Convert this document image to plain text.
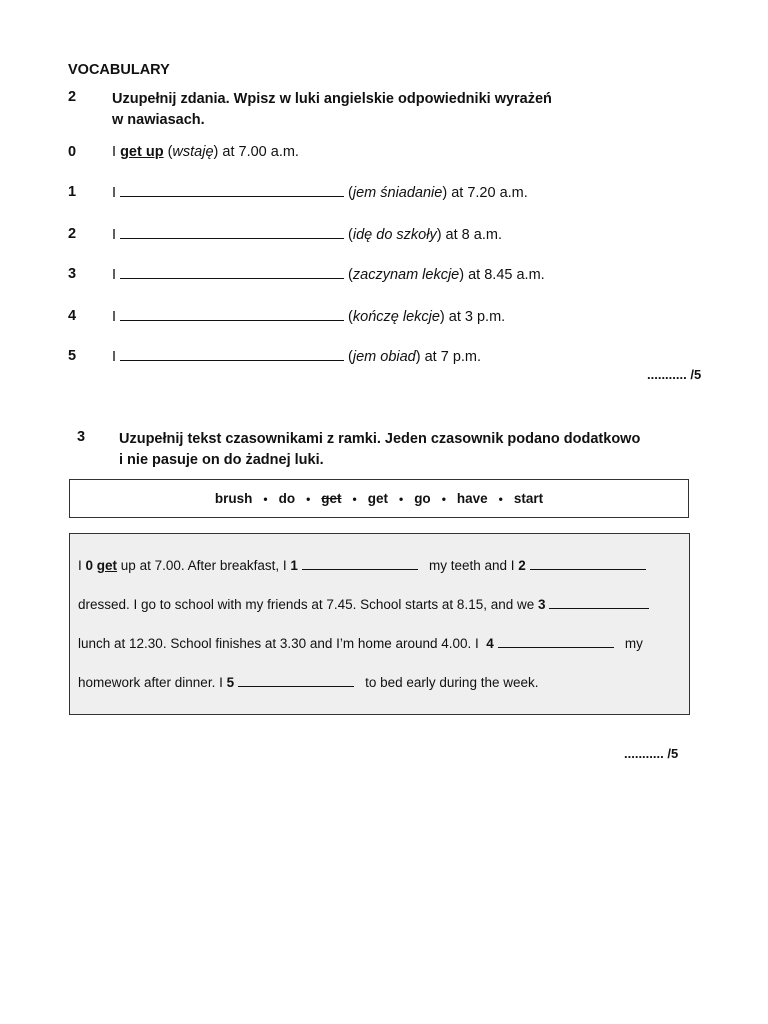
VOCABULARY
2 Uzupełnij zdania. Wpisz w luki angielskie odpowiedniki wyrażeń
w nawiasach.
0 I get up (wstaję) at 7.00 a.m.
1 I	(jem śniadanie) at 7.20 a.m.
2 I	(idę do szkoły) at 8 a.m.
3 I	(zaczynam lekcje) at 8.45 a.m.
4 I	(kończę lekcje) at 3 p.m.
5 I	(jem obiad) at 7 p.m.
........... /5
3 Uzupełnij tekst czasownikami z ramki. Jeden czasownik podano dodatkowo
i nie pasuje on do żadnej luki.
brush • do • get • get • go • have • start
I 0 get up at 7.00. After breakfast, I 1	my teeth and I 2
dressed. I go to school with my friends at 7.45. School starts at 8.15, and we 3
lunch at 12.30. School finishes at 3.30 and I’m home around 4.00. I  4	my
homework after dinner. I 5	to bed early during the week.
........... /5
